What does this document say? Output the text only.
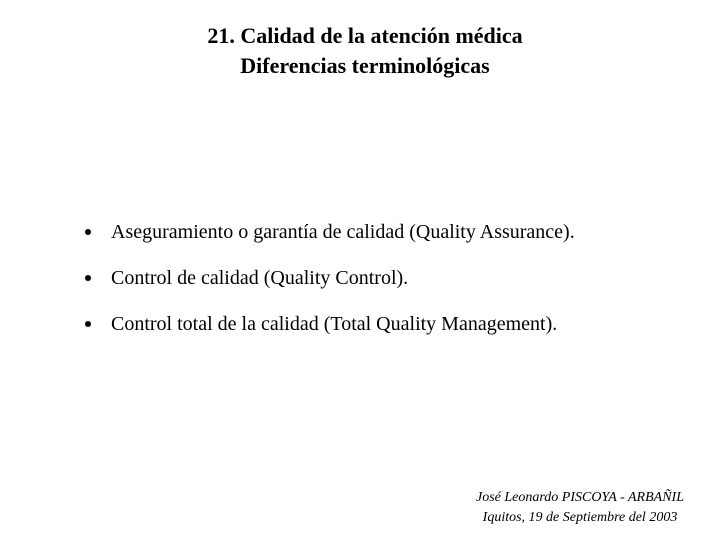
21. Calidad de la atención médica
Diferencias terminológicas
Aseguramiento o garantía de calidad (Quality Assurance).
Control de calidad (Quality Control).
Control total de la calidad (Total Quality Management).
José Leonardo PISCOYA - ARBAÑIL
Iquitos, 19 de Septiembre del 2003
